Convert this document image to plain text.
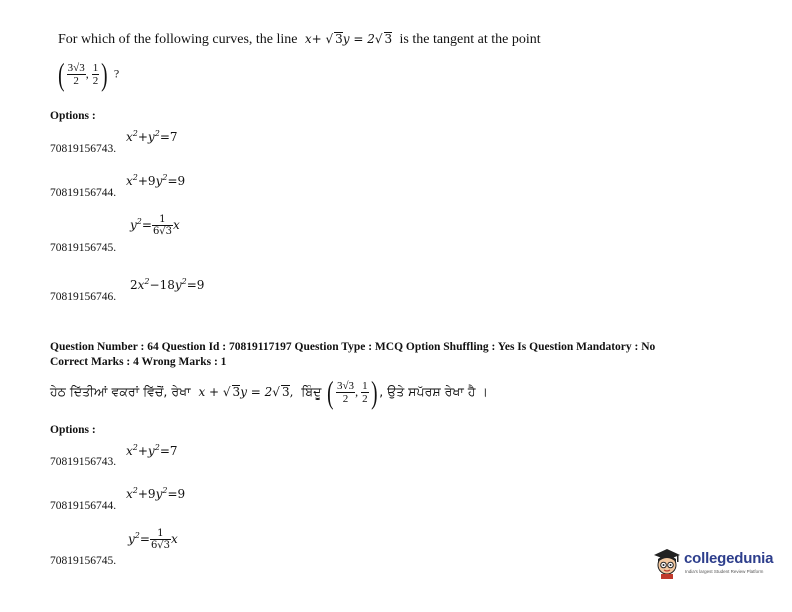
For which of the following curves, the line  x+ √ 3y = 2√ 3 is the tangent at the point
( $\frac{3√3}{2}$ , $\frac{1}{2}$ ) ?
Options :
$x^2+y^2=7$
70819156743.
$x^2+9y^2=9$
70819156744.
$y^2= \frac{1}{6√3}$ x
70819156745.
$2x^2-18y^2=9$
70819156746.
Question Number : 64 Question Id : 70819117197 Question Type : MCQ Option Shuffling : Yes Is Question Mandatory : No
Correct Marks : 4 Wrong Marks : 1
ਹੇਠ ਦਿੱਤੀਆਂ ਵਕਰਾਂ ਵਿੱਚੋਂ, ਰੇਖਾ  x + √ 3y = 2√ 3, ਬਿੰਦੂ ( $\frac{3√3}{2}$ , $\frac{1}{2}$ ) , ਉਤੇ ਸਪੱਰਸ਼ ਰੇਖਾ ਹੈ ।
Options :
$x^2+y^2=7$
70819156743.
$x^2+9y^2=9$
70819156744.
$y^2= \frac{1}{6√3}$ x
70819156745.	collegedunia
India's largest Student Review Platform
